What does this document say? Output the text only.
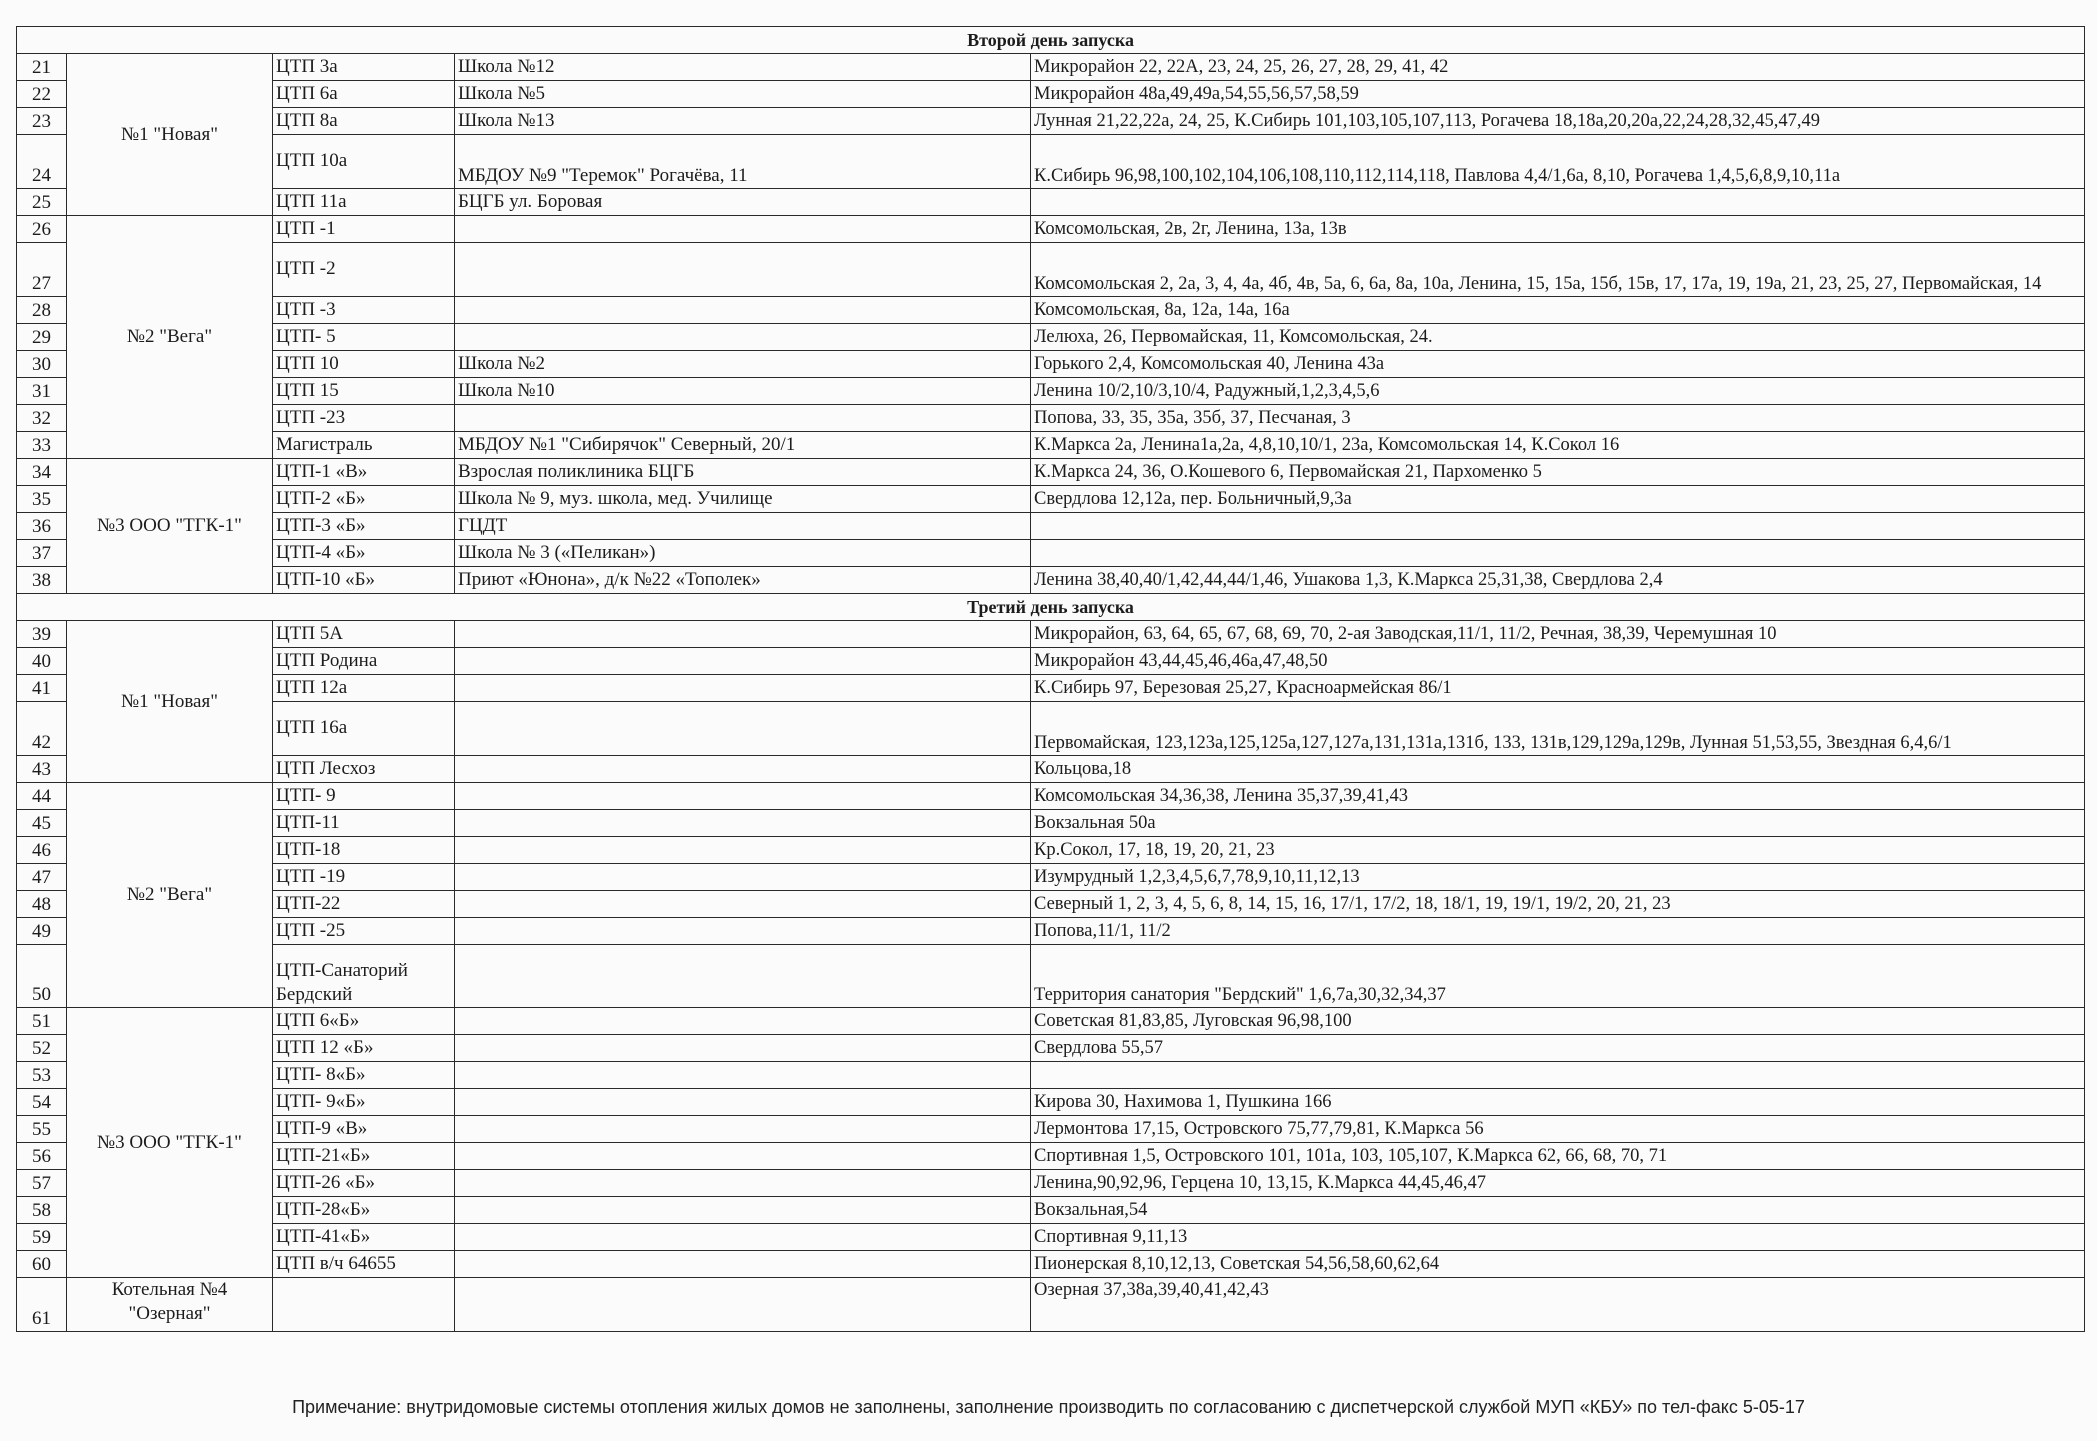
Второй день запуска				
21	№1 "Новая"	ЦТП 3а	Школа №12	Микрорайон 22, 22А, 23, 24, 25, 26, 27, 28, 29, 41, 42
22		ЦТП 6а	Школа №5	Микрорайон 48а,49,49а,54,55,56,57,58,59
23		ЦТП 8а	Школа №13	Лунная 21,22,22а, 24, 25, К.Сибирь 101,103,105,107,113, Рогачева 18,18а,20,20а,22,24,28,32,45,47,49
24		ЦТП 10а	МБДОУ №9 "Теремок" Рогачёва, 11	К.Сибирь 96,98,100,102,104,106,108,110,112,114,118, Павлова 4,4/1,6а, 8,10, Рогачева 1,4,5,6,8,9,10,11а
25		ЦТП 11а	БЦГБ ул. Боровая	
26	№2 "Вега"	ЦТП -1		Комсомольская, 2в, 2г, Ленина, 13а, 13в
27		ЦТП -2		Комсомольская 2, 2а, 3, 4, 4а, 4б, 4в, 5а, 6, 6а, 8а, 10а, Ленина, 15, 15а, 15б, 15в, 17, 17а, 19, 19а, 21, 23, 25, 27, Первомайская, 14
28		ЦТП -3		Комсомольская, 8а, 12а, 14а, 16а
29		ЦТП- 5		Лелюха, 26, Первомайская, 11, Комсомольская, 24.
30		ЦТП 10	Школа №2	Горького 2,4, Комсомольская 40, Ленина 43а
31		ЦТП 15	Школа №10	Ленина 10/2,10/3,10/4, Радужный,1,2,3,4,5,6
32		ЦТП -23		Попова, 33, 35, 35а, 35б, 37, Песчаная, 3
33		Магистраль	МБДОУ №1 "Сибирячок" Северный, 20/1	К.Маркса 2а, Ленина1а,2а, 4,8,10,10/1, 23а, Комсомольская 14, К.Сокол 16
34	№3 ООО "ТГК-1"	ЦТП-1 «В»	Взрослая поликлиника БЦГБ	К.Маркса 24, 36, О.Кошевого 6, Первомайская 21, Пархоменко 5
35		ЦТП-2 «Б»	Школа № 9, муз. школа, мед. Училище	Свердлова 12,12а, пер. Больничный,9,3а
36		ЦТП-3 «Б»	ГЦДТ	
37		ЦТП-4 «Б»	Школа № 3 («Пеликан»)	
38		ЦТП-10 «Б»	Приют «Юнона», д/к №22 «Тополек»	Ленина 38,40,40/1,42,44,44/1,46, Ушакова 1,3, К.Маркса 25,31,38, Свердлова 2,4
Третий день запуска				
39	№1 "Новая"	ЦТП 5А		Микрорайон, 63, 64, 65, 67, 68, 69, 70, 2-ая Заводская,11/1, 11/2, Речная, 38,39, Черемушная 10
40		ЦТП Родина		Микрорайон 43,44,45,46,46а,47,48,50
41		ЦТП 12а		К.Сибирь 97, Березовая 25,27, Красноармейская 86/1
42		ЦТП 16а		Первомайская, 123,123а,125,125а,127,127а,131,131а,131б, 133, 131в,129,129а,129в, Лунная 51,53,55, Звездная 6,4,6/1
43		ЦТП Лесхоз		Кольцова,18
44	№2 "Вега"	ЦТП- 9		Комсомольская 34,36,38, Ленина 35,37,39,41,43
45		ЦТП-11		Вокзальная 50а
46		ЦТП-18		Кр.Сокол, 17, 18, 19, 20, 21, 23
47		ЦТП -19		Изумрудный 1,2,3,4,5,6,7,78,9,10,11,12,13
48		ЦТП-22		Северный 1, 2, 3, 4, 5, 6, 8, 14, 15, 16, 17/1, 17/2, 18, 18/1, 19, 19/1, 19/2, 20, 21, 23
49		ЦТП -25		Попова,11/1, 11/2
50		ЦТП-Санаторий Бердский		Территория санатория "Бердский" 1,6,7а,30,32,34,37
51	№3 ООО "ТГК-1"	ЦТП 6«Б»		Советская 81,83,85, Луговская 96,98,100
52		ЦТП 12 «Б»		Свердлова 55,57
53		ЦТП- 8«Б»		
54		ЦТП- 9«Б»		Кирова 30, Нахимова 1, Пушкина 166
55		ЦТП-9 «В»		Лермонтова 17,15, Островского 75,77,79,81, К.Маркса 56
56		ЦТП-21«Б»		Спортивная 1,5, Островского 101, 101а, 103, 105,107, К.Маркса 62, 66, 68, 70, 71
57		ЦТП-26 «Б»		Ленина,90,92,96, Герцена 10, 13,15, К.Маркса 44,45,46,47
58		ЦТП-28«Б»		Вокзальная,54
59		ЦТП-41«Б»		Спортивная 9,11,13
60		ЦТП в/ч 64655		Пионерская 8,10,12,13, Советская 54,56,58,60,62,64
61	Котельная №4 "Озерная"			Озерная 37,38а,39,40,41,42,43
Примечание: внутридомовые системы отопления жилых домов не заполнены, заполнение производить по согласованию с диспетчерской службой МУП «КБУ» по тел-факс 5-05-17
